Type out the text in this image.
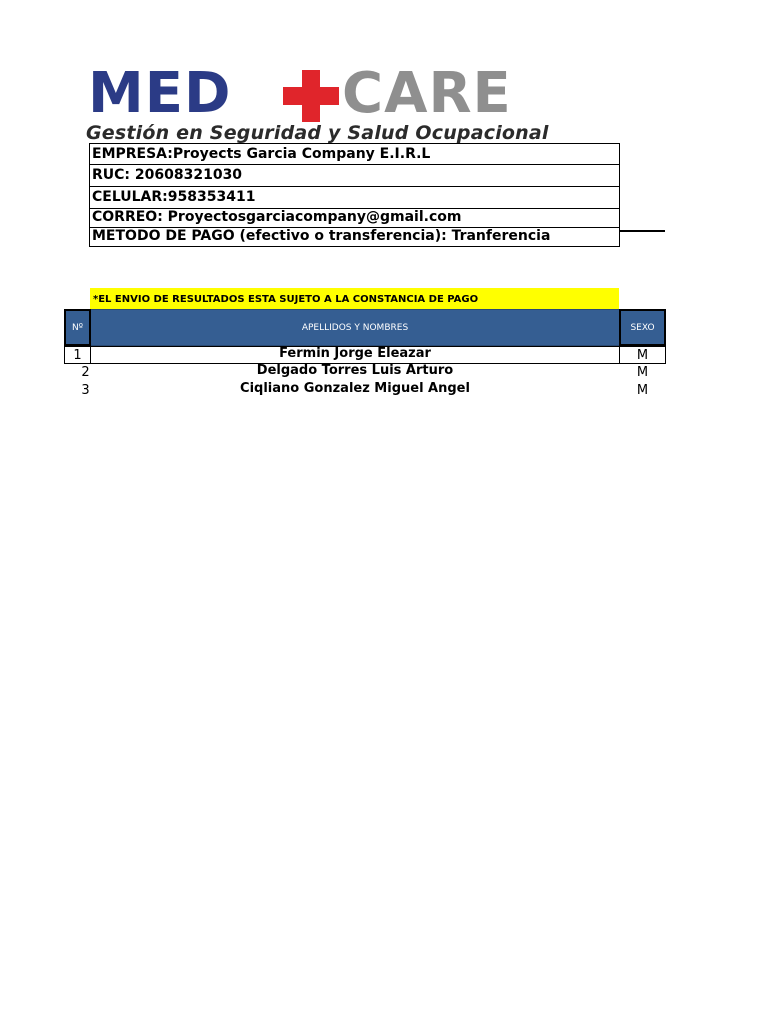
MED CARE
Gestión en Seguridad y Salud Ocupacional
EMPRESA:Proyects Garcia Company E.I.R.L
RUC: 20608321030
CELULAR:958353411
CORREO: Proyectosgarciacompany@gmail.com
METODO DE PAGO (efectivo o transferencia): Tranferencia
*EL ENVIO DE RESULTADOS ESTA SUJETO A LA CONSTANCIA DE PAGO
Nº	APELLIDOS Y NOMBRES	SEXO
1	Fermin Jorge Eleazar	M
2	Delgado Torres Luis Arturo	M
3	Ciqliano Gonzalez Miguel Angel	M
